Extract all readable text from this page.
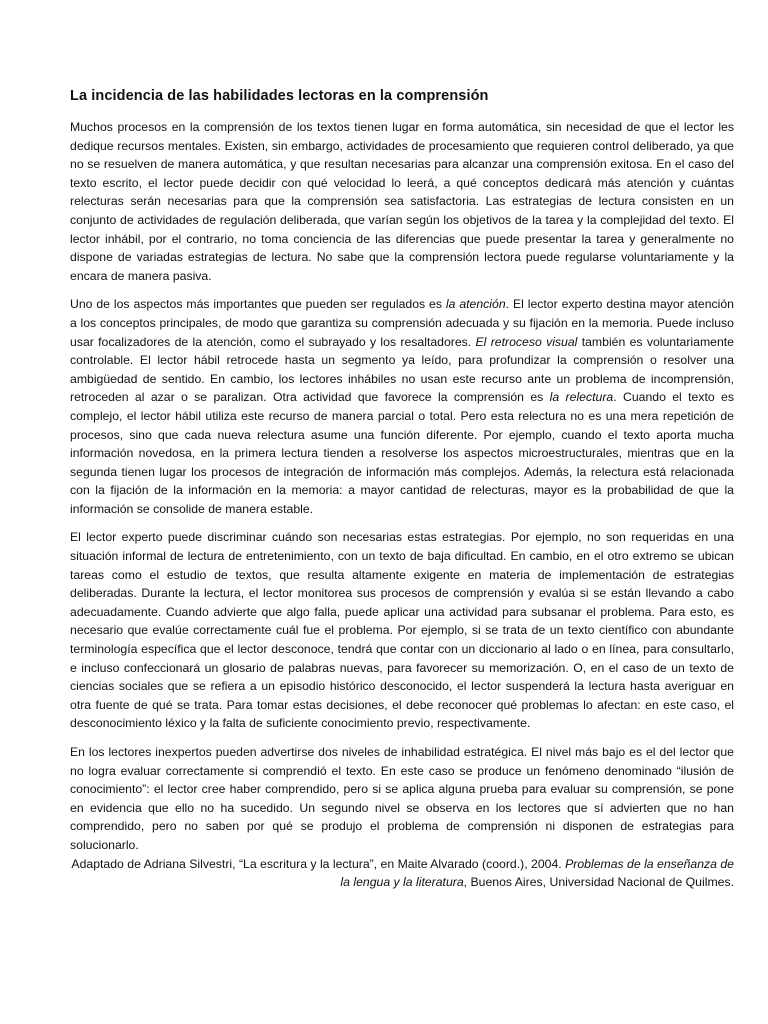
La incidencia de las habilidades lectoras en la comprensión

Muchos procesos en la comprensión de los textos tienen lugar en forma automática, sin necesidad de que el lector les dedique recursos mentales. Existen, sin embargo, actividades de procesamiento que requieren control deliberado, ya que no se resuelven de manera automática, y que resultan necesarias para alcanzar una comprensión exitosa. En el caso del texto escrito, el lector puede decidir con qué velocidad lo leerá, a qué conceptos dedicará más atención y cuántas relecturas serán necesarias para que la comprensión sea satisfactoria. Las estrategias de lectura consisten en un conjunto de actividades de regulación deliberada, que varían según los objetivos de la tarea y la complejidad del texto. El lector inhábil, por el contrario, no toma conciencia de las diferencias que puede presentar la tarea y generalmente no dispone de variadas estrategias de lectura. No sabe que la comprensión lectora puede regularse voluntariamente y la encara de manera pasiva.

Uno de los aspectos más importantes que pueden ser regulados es la atención. El lector experto destina mayor atención a los conceptos principales, de modo que garantiza su comprensión adecuada y su fijación en la memoria. Puede incluso usar focalizadores de la atención, como el subrayado y los resaltadores. El retroceso visual también es voluntariamente controlable. El lector hábil retrocede hasta un segmento ya leído, para profundizar la comprensión o resolver una ambigüedad de sentido. En cambio, los lectores inhábiles no usan este recurso ante un problema de incomprensión, retroceden al azar o se paralizan. Otra actividad que favorece la comprensión es la relectura. Cuando el texto es complejo, el lector hábil utiliza este recurso de manera parcial o total. Pero esta relectura no es una mera repetición de procesos, sino que cada nueva relectura asume una función diferente. Por ejemplo, cuando el texto aporta mucha información novedosa, en la primera lectura tienden a resolverse los aspectos microestructurales, mientras que en la segunda tienen lugar los procesos de integración de información más complejos. Además, la relectura está relacionada con la fijación de la información en la memoria: a mayor cantidad de relecturas, mayor es la probabilidad de que la información se consolide de manera estable.

El lector experto puede discriminar cuándo son necesarias estas estrategias. Por ejemplo, no son requeridas en una situación informal de lectura de entretenimiento, con un texto de baja dificultad. En cambio, en el otro extremo se ubican tareas como el estudio de textos, que resulta altamente exigente en materia de implementación de estrategias deliberadas. Durante la lectura, el lector monitorea sus procesos de comprensión y evalúa si se están llevando a cabo adecuadamente. Cuando advierte que algo falla, puede aplicar una actividad para subsanar el problema. Para esto, es necesario que evalúe correctamente cuál fue el problema. Por ejemplo, si se trata de un texto científico con abundante terminología específica que el lector desconoce, tendrá que contar con un diccionario al lado o en línea, para consultarlo, e incluso confeccionará un glosario de palabras nuevas, para favorecer su memorización. O, en el caso de un texto de ciencias sociales que se refiera a un episodio histórico desconocido, el lector suspenderá la lectura hasta averiguar en otra fuente de qué se trata. Para tomar estas decisiones, el debe reconocer qué problemas lo afectan: en este caso, el desconocimiento léxico y la falta de suficiente conocimiento previo, respectivamente.

En los lectores inexpertos pueden advertirse dos niveles de inhabilidad estratégica. El nivel más bajo es el del lector que no logra evaluar correctamente si comprendió el texto. En este caso se produce un fenómeno denominado “ilusión de conocimiento”: el lector cree haber comprendido, pero si se aplica alguna prueba para evaluar su comprensión, se pone en evidencia que ello no ha sucedido. Un segundo nivel se observa en los lectores que sí advierten que no han comprendido, pero no saben por qué se produjo el problema de comprensión ni disponen de estrategias para solucionarlo.

Adaptado de Adriana Silvestri, “La escritura y la lectura”, en Maite Alvarado (coord.), 2004. Problemas de la enseñanza de la lengua y la literatura, Buenos Aires, Universidad Nacional de Quilmes.
